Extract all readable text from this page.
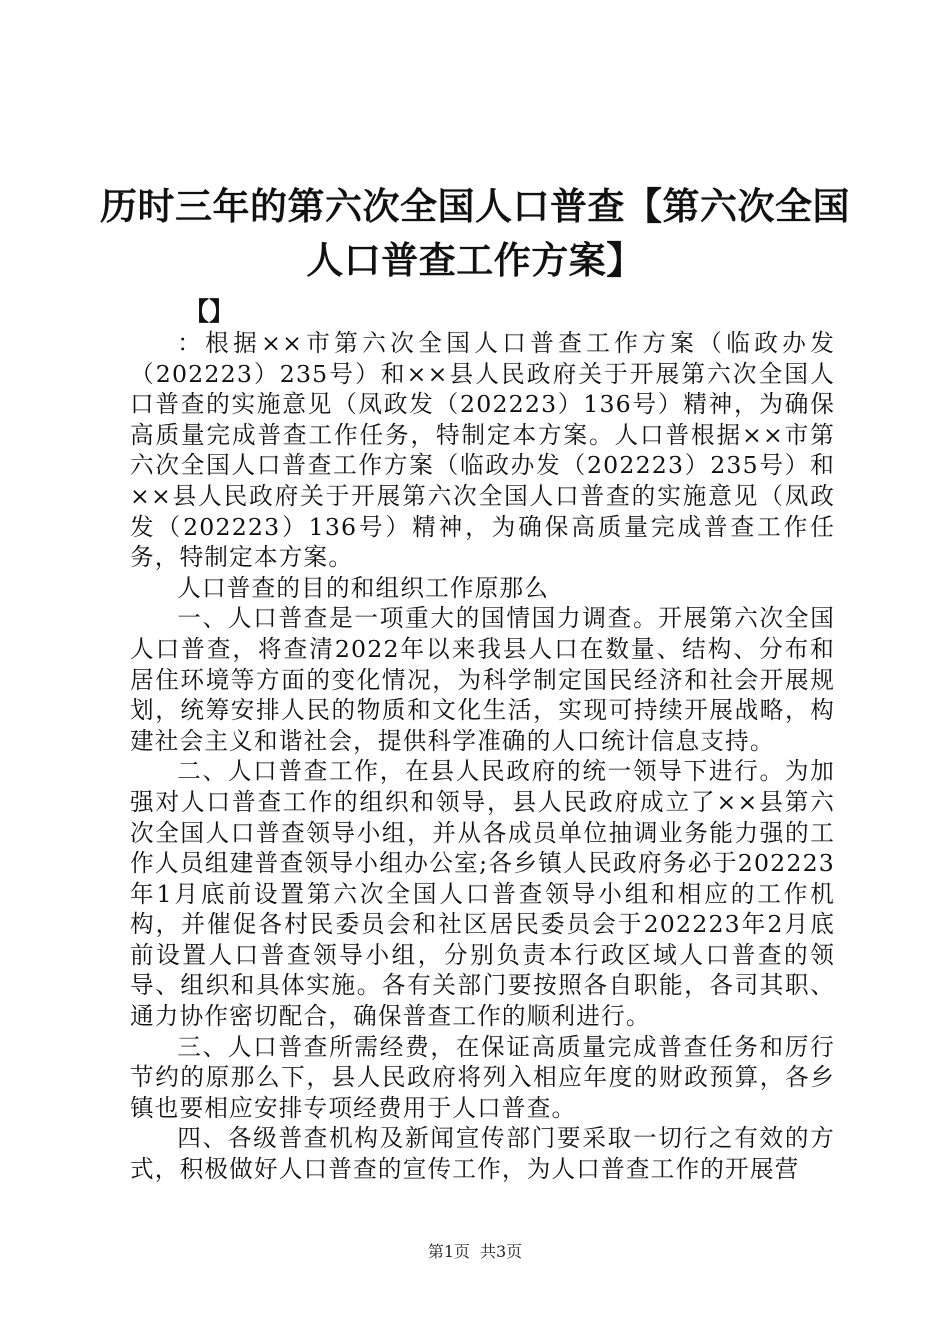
历时三年的第六次全国人口普查【第六次全国
人口普查工作方案】
【】

：根据××市第六次全国人口普查工作方案（临政办发（202223）235号）和××县人民政府关于开展第六次全国人口普查的实施意见（凤政发（202223）136号）精神，为确保高质量完成普查工作任务，特制定本方案。人口普根据××市第六次全国人口普查工作方案（临政办发（202223）235号）和××县人民政府关于开展第六次全国人口普查的实施意见（凤政发（202223）136号）精神，为确保高质量完成普查工作任务，特制定本方案。

人口普查的目的和组织工作原那么

一、人口普查是一项重大的国情国力调查。开展第六次全国人口普查，将查清2022年以来我县人口在数量、结构、分布和居住环境等方面的变化情况，为科学制定国民经济和社会开展规划，统筹安排人民的物质和文化生活，实现可持续开展战略，构建社会主义和谐社会，提供科学准确的人口统计信息支持。

二、人口普查工作，在县人民政府的统一领导下进行。为加强对人口普查工作的组织和领导，县人民政府成立了××县第六次全国人口普查领导小组，并从各成员单位抽调业务能力强的工作人员组建普查领导小组办公室;各乡镇人民政府务必于202223年1月底前设置第六次全国人口普查领导小组和相应的工作机构，并催促各村民委员会和社区居民委员会于202223年2月底前设置人口普查领导小组，分别负责本行政区域人口普查的领导、组织和具体实施。各有关部门要按照各自职能，各司其职、通力协作密切配合，确保普查工作的顺利进行。

三、人口普查所需经费，在保证高质量完成普查任务和厉行节约的原那么下，县人民政府将列入相应年度的财政预算，各乡镇也要相应安排专项经费用于人口普查。

四、各级普查机构及新闻宣传部门要采取一切行之有效的方式，积极做好人口普查的宣传工作，为人口普查工作的开展营

第1页 共3页
